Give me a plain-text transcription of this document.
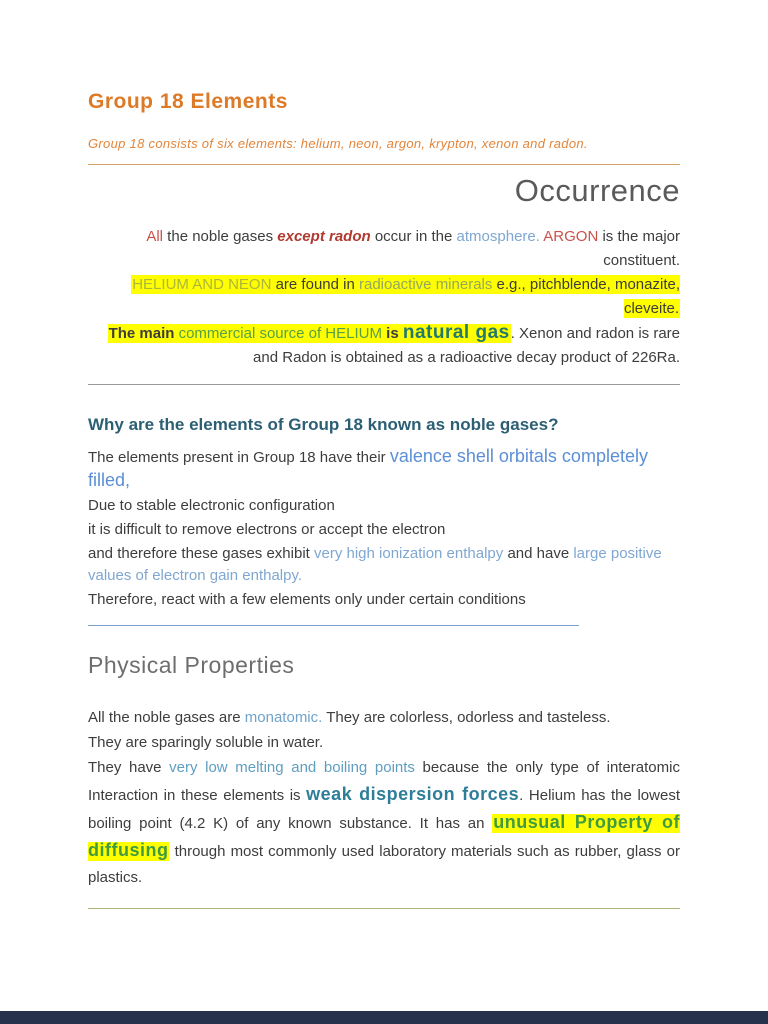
Group 18 Elements

Group 18 consists of six elements: helium, neon, argon, krypton, xenon and radon.

Occurrence

All the noble gases except radon occur in the atmosphere. ARGON is the major constituent.

HELIUM AND NEON are found in radioactive minerals e.g., pitchblende, monazite, cleveite.

The main commercial source of HELIUM is natural gas. Xenon and radon is rare and Radon is obtained as a radioactive decay product of 226Ra.

Why are the elements of Group 18 known as noble gases?

The elements present in Group 18 have their valence shell orbitals completely filled,

Due to stable electronic configuration

it is difficult to remove electrons or accept the electron

and therefore these gases exhibit very high ionization enthalpy and have large positive values of electron gain enthalpy.

Therefore, react with a few elements only under certain conditions

Physical Properties

All the noble gases are monatomic. They are colorless, odorless and tasteless.

They are sparingly soluble in water.

They have very low melting and boiling points because the only type of interatomic Interaction in these elements is weak dispersion forces. Helium has the lowest boiling point (4.2 K) of any known substance. It has an unusual Property of diffusing through most commonly used laboratory materials such as rubber, glass or plastics.
